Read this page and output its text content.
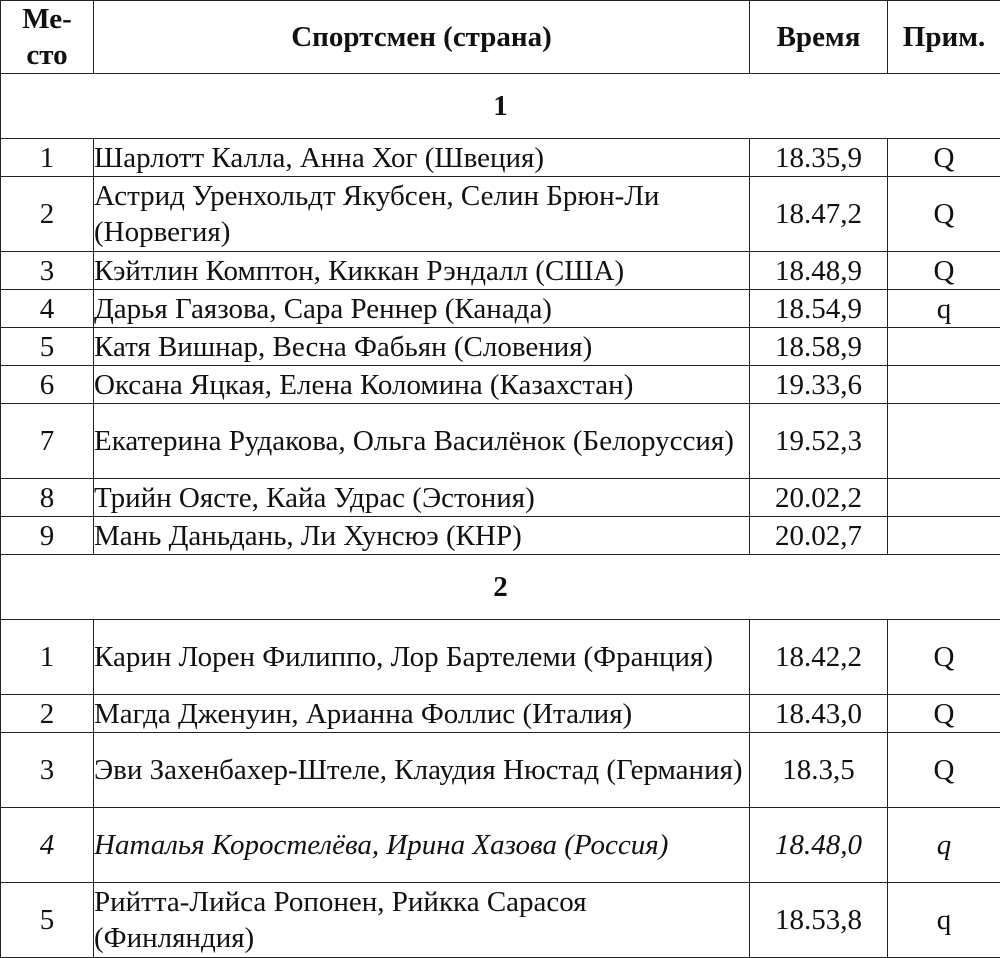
Ме-
сто	Спортсмен (страна)	Время	Прим.
1			
1	Шарлотт Калла, Анна Хог (Швеция)	18.35,9	Q
2	Астрид Уренхольдт Якубсен, Селин Брюн-Ли (Норвегия)	18.47,2	Q
3	Кэйтлин Комптон, Киккан Рэндалл (США)	18.48,9	Q
4	Дарья Гаязова, Сара Реннер (Канада)	18.54,9	q
5	Катя Вишнар, Весна Фабьян (Словения)	18.58,9	
6	Оксана Яцкая, Елена Коломина (Казахстан)	19.33,6	
7	Екатерина Рудакова, Ольга Василёнок (Белоруссия)	19.52,3	
8	Трийн Оясте, Кайа Удрас (Эстония)	20.02,2	
9	Мань Даньдань, Ли Хунсюэ (КНР)	20.02,7	
2			
1	Карин Лорен Филиппо, Лор Бартелеми (Франция)	18.42,2	Q
2	Магда Дженуин, Арианна Фоллис (Италия)	18.43,0	Q
3	Эви Захенбахер-Штеле, Клаудия Нюстад (Германия)	18.3,5	Q
4	Наталья Коростелёва, Ирина Хазова (Россия)	18.48,0	q
5	Рийтта-Лийса Ропонен, Рийкка Сарасоя (Финляндия)	18.53,8	q
